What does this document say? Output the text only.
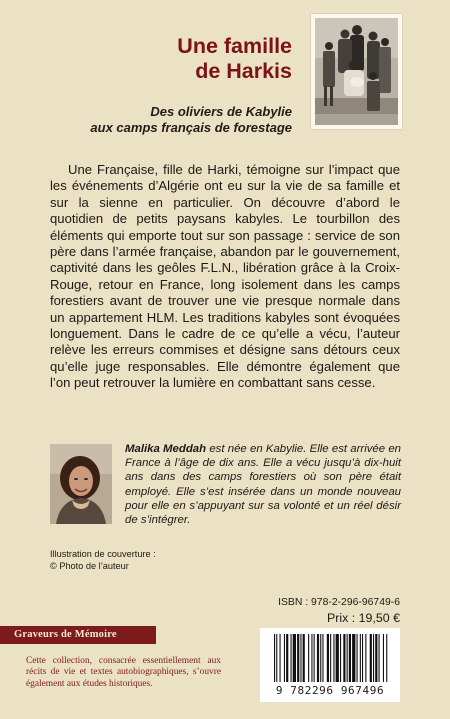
Une famille
de Harkis

Des oliviers de Kabylie
aux camps français de forestage

Une Française, fille de Harki, témoigne sur l’impact que les événements d’Algérie ont eu sur la vie de sa famille et sur la sienne en particulier. On découvre d’abord le quotidien de petits paysans kabyles. Le tourbillon des éléments qui emporte tout sur son passage : service de son père dans l’armée française, abandon par le gouvernement, captivité dans les geôles F.L.N., libération grâce à la Croix-Rouge, retour en France, long isolement dans les camps forestiers avant de trouver une vie presque normale dans un appartement HLM. Les traditions kabyles sont évoquées longuement. Dans le cadre de ce qu’elle a vécu, l’auteur relève les erreurs commises et désigne sans détours ceux qu’elle juge responsables. Elle démontre également que l’on peut retrouver la lumière en combattant sans cesse.

Malika Meddah est née en Kabylie. Elle est arrivée en France à l’âge de dix ans. Elle a vécu jusqu’à dix-huit ans dans des camps forestiers où son père était employé. Elle s’est insérée dans un monde nouveau pour elle en s’appuyant sur sa volonté et un réel désir de s’intégrer.

Illustration de couverture :
© Photo de l’auteur
ISBN : 978-2-296-96749-6
Prix : 19,50 €
Graveurs de Mémoire

Cette collection, consacrée essentiellement aux récits de vie et textes autobiographiques, s’ouvre également aux études historiques.

9 782296 967496
